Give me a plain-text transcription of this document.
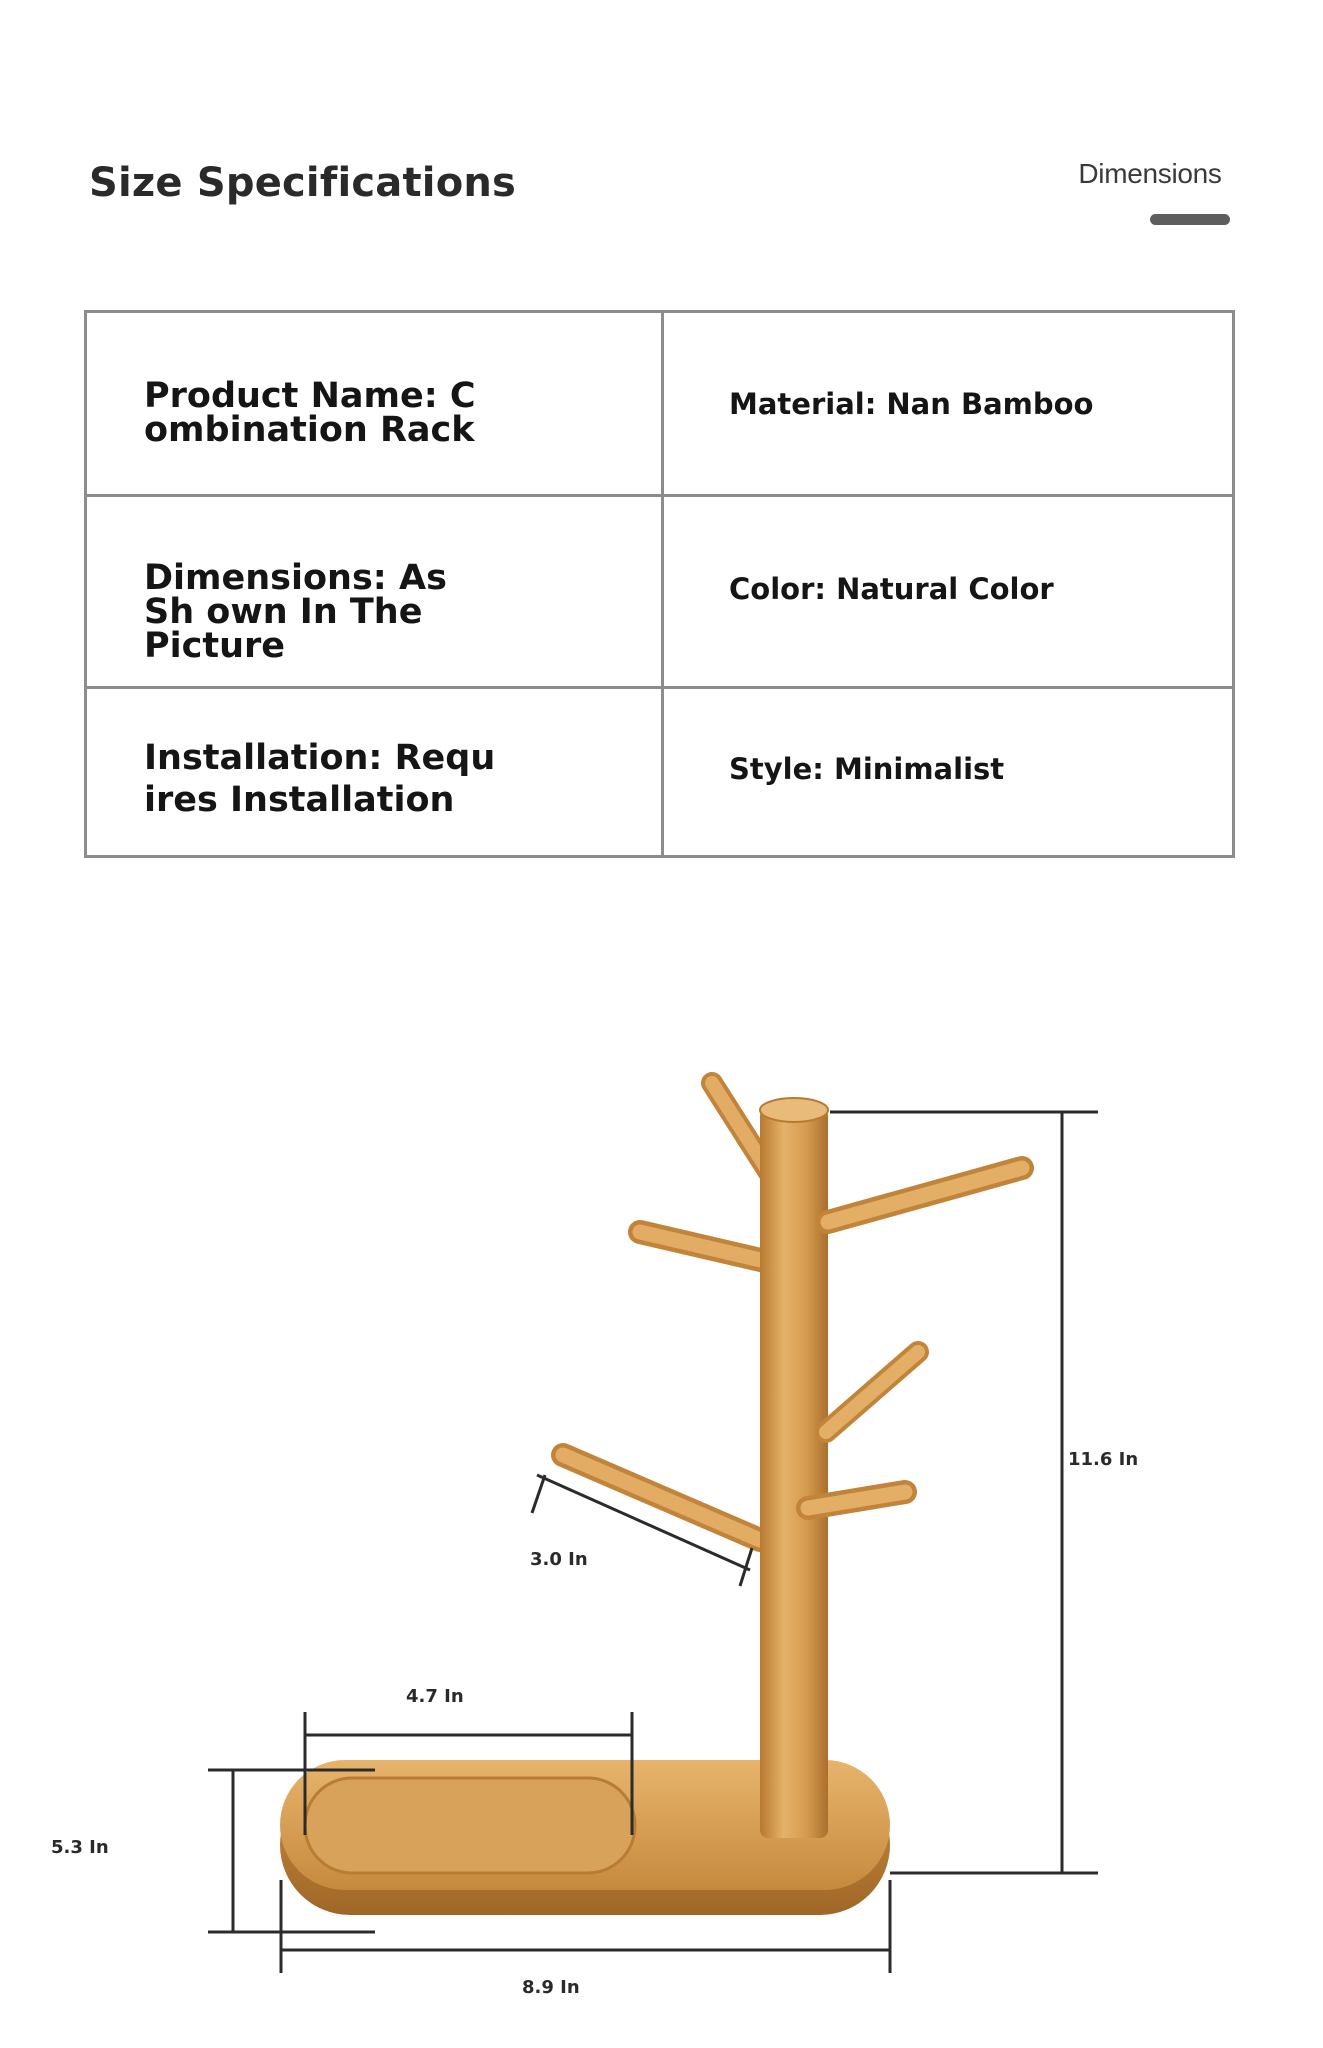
Size Specifications	Dimensions
Product Name: C ombination Rack
Material: Nan Bamboo
Dimensions: As Sh own In The Picture
Color: Natural Color
Installation: Requ ires Installation
Style: Minimalist
11.6 In
3.0 In
4.7 In
5.3 In
8.9 In
